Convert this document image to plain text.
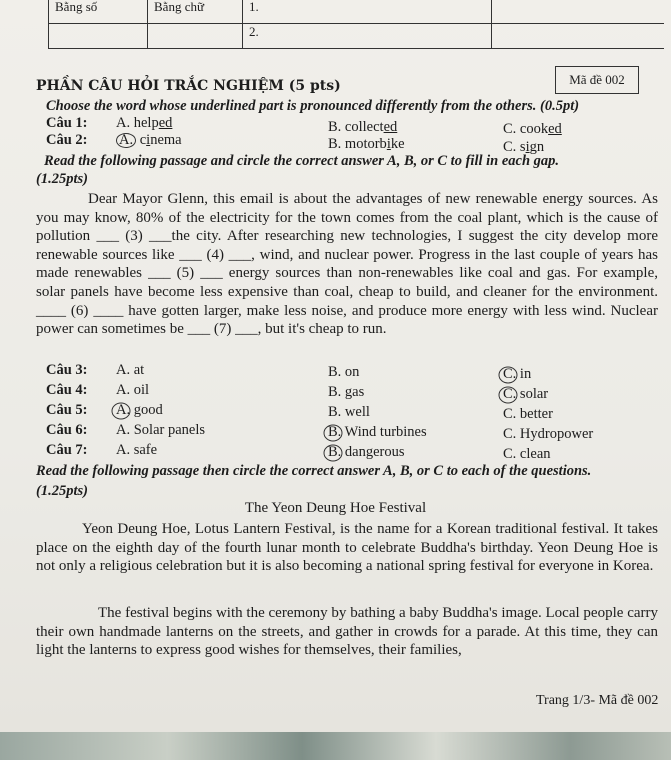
Bằng số	Bằng chữ	1.	
		2.	
PHẦN CÂU HỎI TRẮC NGHIỆM (5 pts)	Mã đề 002
Choose the word whose underlined part is pronounced differently from the others. (0.5pt)
Câu 1: A. helped	B. collected	C. cooked
Câu 2: A. cinema	B. motorbike	C. sign
Read the following passage and circle the correct answer A, B, or C to fill in each gap.
(1.25pts)
Dear Mayor Glenn, this email is about the advantages of new renewable energy sources. As you may know, 80% of the electricity for the town comes from the coal plant, which is the cause of pollution ___ (3) ___the city. After researching new technologies, I suggest the city develop more renewable sources like ___ (4) ___, wind, and nuclear power. Progress in the last couple of years has made renewables ___ (5) ___ energy sources than non-renewables like coal and gas. For example, solar panels have become less expensive than coal, cheap to build, and cleaner for the environment. ____ (6) ____ have gotten larger, make less noise, and produce more energy with less wind. Nuclear power can sometimes be ___ (7) ___, but it's cheap to run.
Câu 3: A. at	B. on	C. in
Câu 4: A. oil	B. gas	C. solar
Câu 5: A. good	B. well	C. better
Câu 6: A. Solar panels	B. Wind turbines	C. Hydropower
Câu 7: A. safe	B. dangerous	C. clean
Read the following passage then circle the correct answer A, B, or C to each of the questions.
(1.25pts)
The Yeon Deung Hoe Festival
Yeon Deung Hoe, Lotus Lantern Festival, is the name for a Korean traditional festival. It takes place on the eighth day of the fourth lunar month to celebrate Buddha's birthday. Yeon Deung Hoe is not only a religious celebration but it is also becoming a national spring festival for everyone in Korea.
The festival begins with the ceremony by bathing a baby Buddha's image. Local people carry their own handmade lanterns on the streets, and gather in crowds for a parade. At this time, they can light the lanterns to express good wishes for themselves, their families,
Trang 1/3- Mã đề 002
